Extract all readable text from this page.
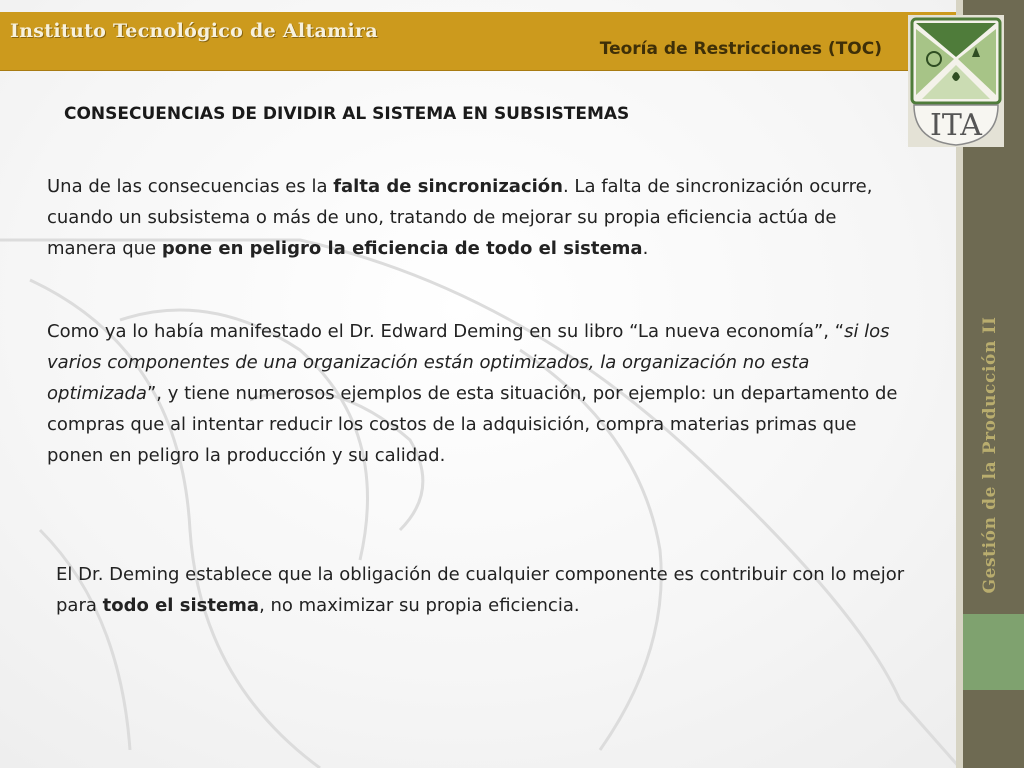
Instituto Tecnológico de Altamira
Teoría de Restricciones (TOC)
Gestión de la Producción II
ITA
CONSECUENCIAS DE DIVIDIR AL SISTEMA EN SUBSISTEMAS

Una de las consecuencias es la falta de sincronización. La falta de sincronización ocurre, cuando un subsistema o más de uno, tratando de mejorar su propia eficiencia actúa de manera que pone en peligro la eficiencia de todo el sistema.

Como ya lo había manifestado el Dr. Edward Deming en su libro “La nueva economía”, “si los varios componentes de una organización están optimizados, la organización no esta optimizada”, y tiene numerosos ejemplos de esta situación, por ejemplo: un departamento de compras que al intentar reducir los costos de la adquisición, compra materias primas que ponen en peligro la producción y su calidad.

El Dr. Deming establece que la obligación de cualquier componente es contribuir con lo mejor para todo el sistema, no maximizar su propia eficiencia.
